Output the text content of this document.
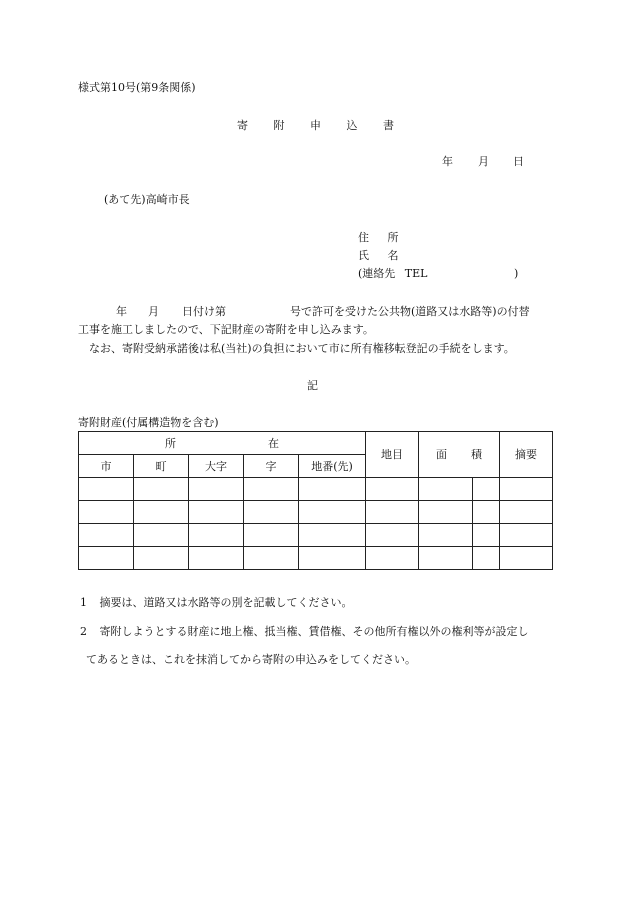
様式第10号(第9条関係)
寄 附 申 込 書
年 月 日
(あて先)高崎市長
住 所
氏 名
(連絡先 TEL	)
年 月 日付け第	号で許可を受けた公共物(道路又は水路等)の付替
工事を施工しましたので、下記財産の寄附を申し込みます。
なお、寄附受納承諾後は私(当社)の負担において市に所有権移転登記の手続をします。
記
寄附財産(付属構造物を含む)
所 在					地目	面 積		摘要
市	町	大字	字	地番(先)				

1 摘要は、道路又は水路等の別を記載してください。
2 寄附しようとする財産に地上権、抵当権、賃借権、その他所有権以外の権利等が設定し
てあるときは、これを抹消してから寄附の申込みをしてください。
